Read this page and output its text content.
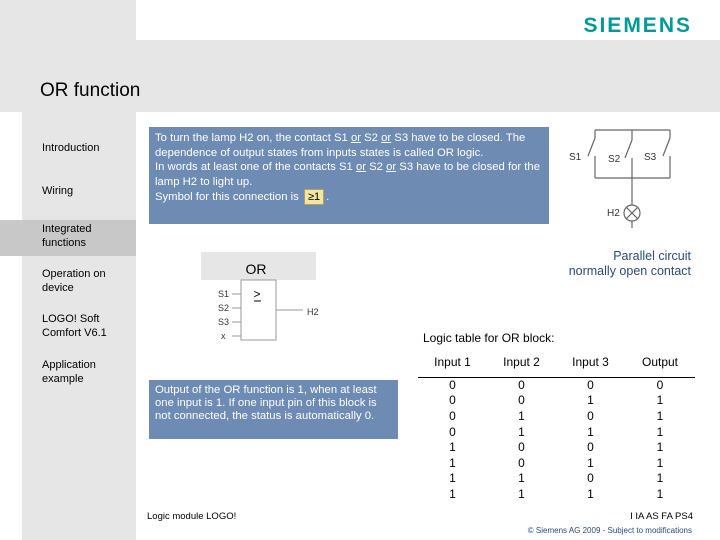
SIEMENS
OR function
Introduction
Wiring
Integrated functions
Operation on device
LOGO! Soft Comfort V6.1
Application example
To turn the lamp H2 on, the contact S1 or S2 or S3 have to be closed. The dependence of output states from inputs states is called OR logic.
In words at least one of the contacts S1 or S2 or S3 have to be closed for the lamp H2 to light up.
Symbol for this connection is ≥1 .
S1	S2 S3
H2
Parallel circuit
normally open contact
OR
>
S1
S2
S3
x
H2
Output of the OR function is 1, when at least one input is 1. If one input pin of this block is not connected, the status is automatically 0.
Logic table for OR block:
Input 1	Input 2	Input 3	Output
0	0	0	0
0	0	1	1
0	1	0	1
0	1	1	1
1	0	0	1
1	0	1	1
1	1	0	1
1	1	1	1
Logic module LOGO!	I IA AS FA PS4
© Siemens AG 2009 - Subject to modifications
